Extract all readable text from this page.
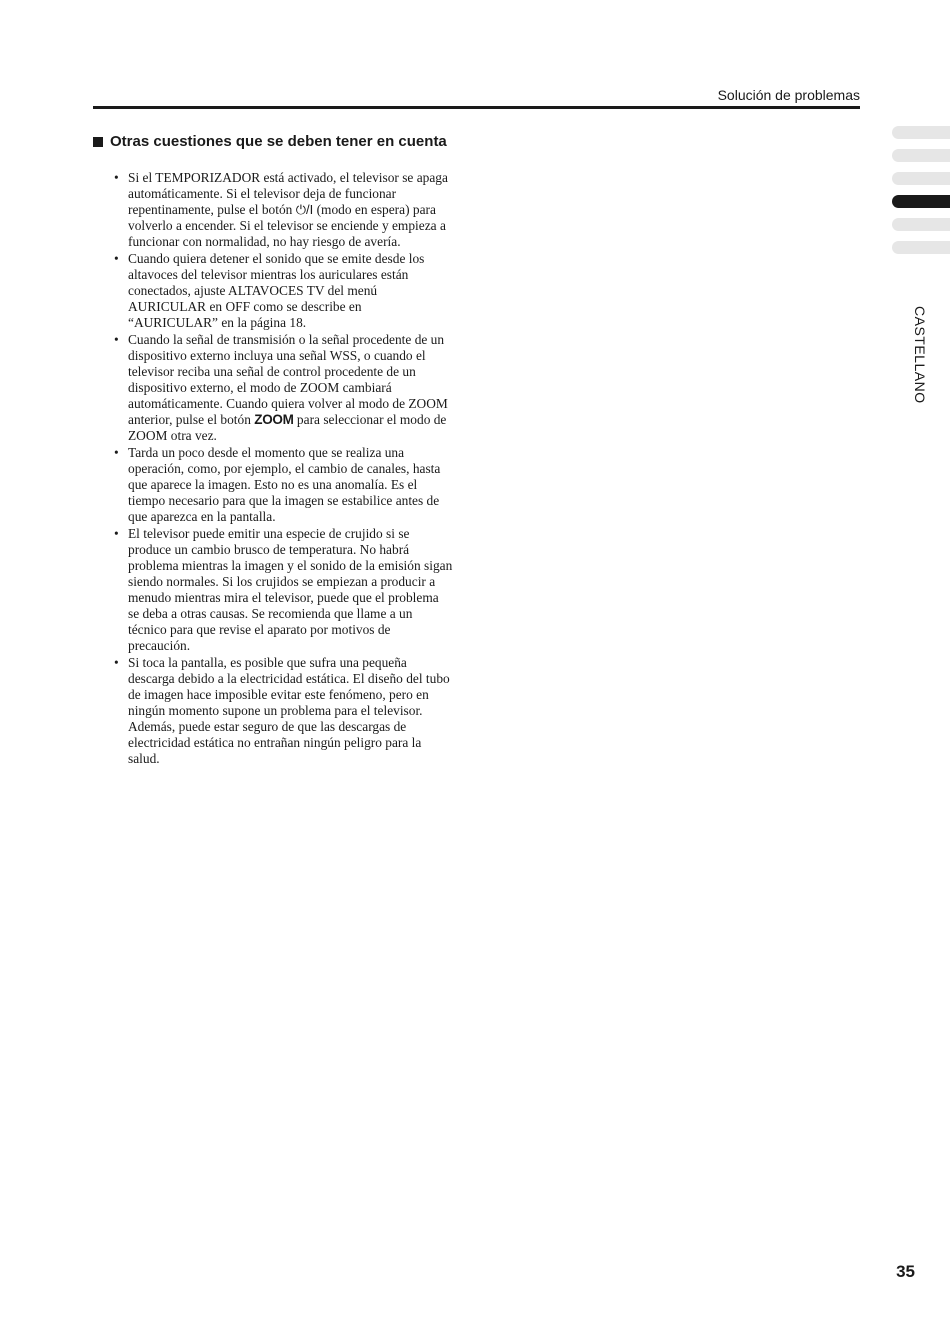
Solución de problemas
Otras cuestiones que se deben tener en cuenta
• Si el TEMPORIZADOR está activado, el televisor se apaga automáticamente. Si el televisor deja de funcionar repentinamente, pulse el botón ⏻/I (modo en espera) para volverlo a encender. Si el televisor se enciende y empieza a funcionar con normalidad, no hay riesgo de avería.
• Cuando quiera detener el sonido que se emite desde los altavoces del televisor mientras los auriculares están conectados, ajuste ALTAVOCES TV del menú AURICULAR en OFF como se describe en “AURICULAR” en la página 18.
• Cuando la señal de transmisión o la señal procedente de un dispositivo externo incluya una señal WSS, o cuando el televisor reciba una señal de control procedente de un dispositivo externo, el modo de ZOOM cambiará automáticamente. Cuando quiera volver al modo de ZOOM anterior, pulse el botón ZOOM para seleccionar el modo de ZOOM otra vez.
• Tarda un poco desde el momento que se realiza una operación, como, por ejemplo, el cambio de canales, hasta que aparece la imagen. Esto no es una anomalía. Es el tiempo necesario para que la imagen se estabilice antes de que aparezca en la pantalla.
• El televisor puede emitir una especie de crujido si se produce un cambio brusco de temperatura. No habrá problema mientras la imagen y el sonido de la emisión sigan siendo normales. Si los crujidos se empiezan a producir a menudo mientras mira el televisor, puede que el problema se deba a otras causas. Se recomienda que llame a un técnico para que revise el aparato por motivos de precaución.
• Si toca la pantalla, es posible que sufra una pequeña descarga debido a la electricidad estática. El diseño del tubo de imagen hace imposible evitar este fenómeno, pero en ningún momento supone un problema para el televisor. Además, puede estar seguro de que las descargas de electricidad estática no entrañan ningún peligro para la salud.
CASTELLANO
35
